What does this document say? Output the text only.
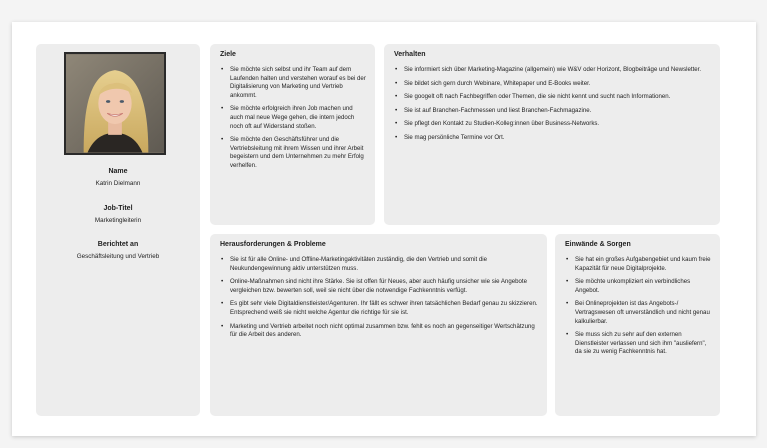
Name
Katrin Dielmann
Job-Titel
Marketingleiterin
Berichtet an
Geschäftsleitung und Vertrieb
Ziele
• Sie möchte sich selbst und ihr Team auf dem Laufenden halten und verstehen worauf es bei der Digitalisierung von Marketing und Vertrieb ankommt.
• Sie möchte erfolgreich ihren Job machen und auch mal neue Wege gehen, die intern jedoch noch oft auf Widerstand stoßen.
• Sie möchte den Geschäftsführer und die Vertriebsleitung mit ihrem Wissen und ihrer Arbeit begeistern und dem Unternehmen zu mehr Erfolg verhelfen.
Verhalten
• Sie informiert sich über Marketing-Magazine (allgemein) wie W&V oder Horizont, Blogbeiträge und Newsletter.
• Sie bildet sich gern durch Webinare, Whitepaper und E-Books weiter.
• Sie googelt oft nach Fachbegriffen oder Themen, die sie nicht kennt und sucht nach Informationen.
• Sie ist auf Branchen-Fachmessen und liest Branchen-Fachmagazine.
• Sie pflegt den Kontakt zu Studien-Kolleg:innen über Business-Networks.
• Sie mag persönliche Termine vor Ort.
Herausforderungen & Probleme
• Sie ist für alle Online- und Offline-Marketingaktivitäten zuständig, die den Vertrieb und somit die Neukundengewinnung aktiv unterstützen muss.
• Online-Maßnahmen sind nicht ihre Stärke. Sie ist offen für Neues, aber auch häufig unsicher wie sie Angebote vergleichen bzw. bewerten soll, weil sie nicht über die notwendige Fachkenntnis verfügt.
• Es gibt sehr viele Digitaldienstleister/Agenturen. Ihr fällt es schwer ihren tatsächlichen Bedarf genau zu skizzieren. Entsprechend weiß sie nicht welche Agentur die richtige für sie ist.
• Marketing und Vertrieb arbeitet noch nicht optimal zusammen bzw. fehlt es noch an gegenseitiger Wertschätzung für die Arbeit des anderen.
Einwände & Sorgen
• Sie hat ein großes Aufgabengebiet und kaum freie Kapazität für neue Digitalprojekte.
• Sie möchte unkompliziert ein verbindliches Angebot.
• Bei Onlineprojekten ist das Angebots-/ Vertragswesen oft unverständlich und nicht genau kalkulierbar.
• Sie muss sich zu sehr auf den externen Dienstleister verlassen und sich ihm "ausliefern", da sie zu wenig Fachkenntnis hat.
